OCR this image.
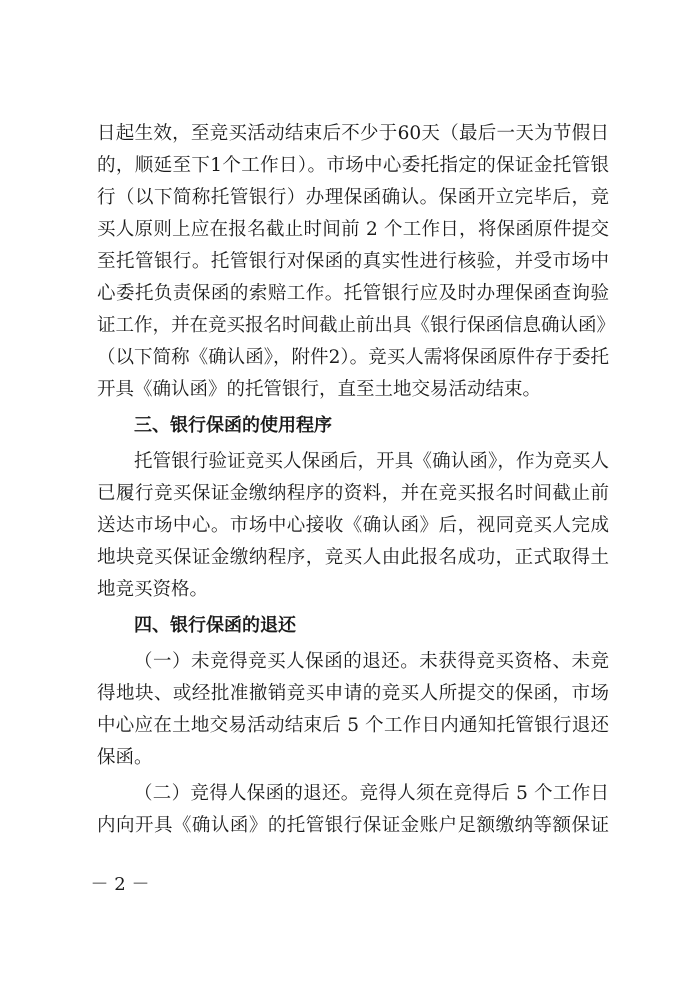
日起生效，至竞买活动结束后不少于60天（最后一天为节假日
的，顺延至下1个工作日）。市场中心委托指定的保证金托管银
行（以下简称托管银行）办理保函确认。保函开立完毕后，竞
买人原则上应在报名截止时间前 2 个工作日，将保函原件提交
至托管银行。托管银行对保函的真实性进行核验，并受市场中
心委托负责保函的索赔工作。托管银行应及时办理保函查询验
证工作，并在竞买报名时间截止前出具《银行保函信息确认函》
（以下简称《确认函》，附件2）。竞买人需将保函原件存于委托
开具《确认函》的托管银行，直至土地交易活动结束。
三、银行保函的使用程序
托管银行验证竞买人保函后，开具《确认函》，作为竞买人
已履行竞买保证金缴纳程序的资料，并在竞买报名时间截止前
送达市场中心。市场中心接收《确认函》后，视同竞买人完成
地块竞买保证金缴纳程序，竞买人由此报名成功，正式取得土
地竞买资格。
四、银行保函的退还
（一）未竞得竞买人保函的退还。未获得竞买资格、未竞
得地块、或经批准撤销竞买申请的竞买人所提交的保函，市场
中心应在土地交易活动结束后 5 个工作日内通知托管银行退还
保函。
（二）竞得人保函的退还。竞得人须在竞得后 5 个工作日
内向开具《确认函》的托管银行保证金账户足额缴纳等额保证
－ 2 －
